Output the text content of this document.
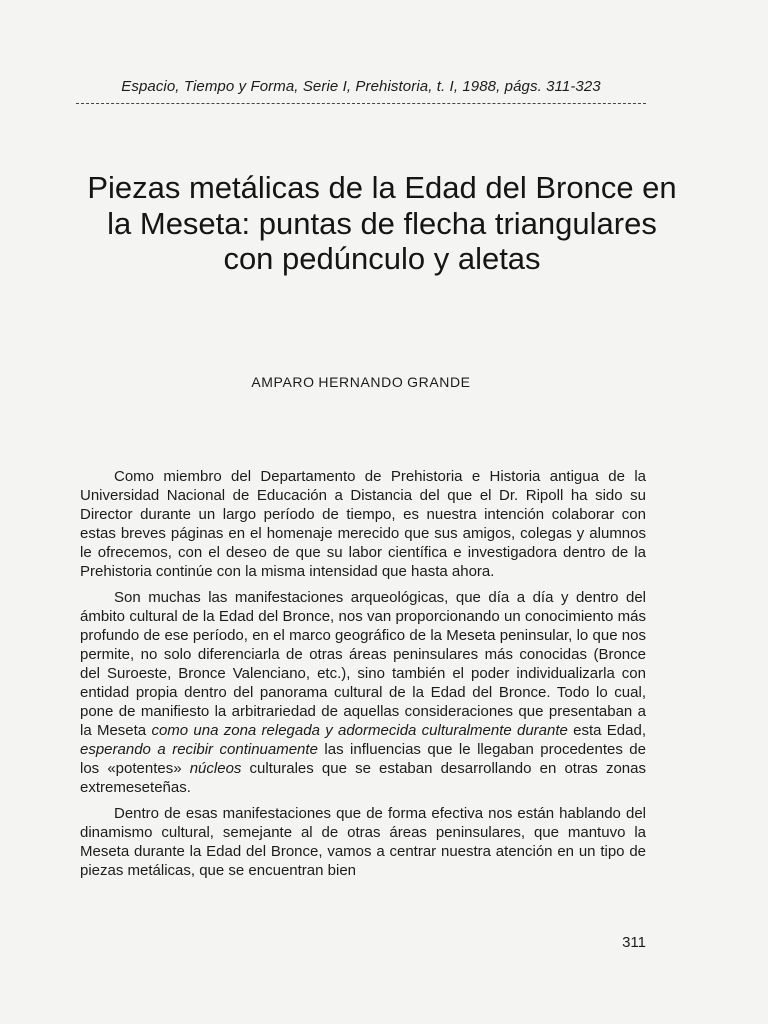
Espacio, Tiempo y Forma, Serie I, Prehistoria, t. I, 1988, págs. 311-323
Piezas metálicas de la Edad del Bronce en la Meseta: puntas de flecha triangulares con pedúnculo y aletas
AMPARO HERNANDO GRANDE

Como miembro del Departamento de Prehistoria e Historia antigua de la Universidad Nacional de Educación a Distancia del que el Dr. Ripoll ha sido su Director durante un largo período de tiempo, es nuestra intención colaborar con estas breves páginas en el homenaje merecido que sus amigos, colegas y alumnos le ofrecemos, con el deseo de que su labor científica e investigadora dentro de la Prehistoria continúe con la misma intensidad que hasta ahora.

Son muchas las manifestaciones arqueológicas, que día a día y dentro del ámbito cultural de la Edad del Bronce, nos van proporcionando un conocimiento más profundo de ese período, en el marco geográfico de la Meseta peninsular, lo que nos permite, no solo diferenciarla de otras áreas peninsulares más conocidas (Bronce del Suroeste, Bronce Valenciano, etc.), sino también el poder individualizarla con entidad propia dentro del panorama cultural de la Edad del Bronce. Todo lo cual, pone de manifiesto la arbitrariedad de aquellas consideraciones que presentaban a la Meseta como una zona relegada y adormecida culturalmente durante esta Edad, esperando a recibir continuamente las influencias que le llegaban procedentes de los «potentes» núcleos culturales que se estaban desarrollando en otras zonas extremeseteñas.

Dentro de esas manifestaciones que de forma efectiva nos están hablando del dinamismo cultural, semejante al de otras áreas peninsulares, que mantuvo la Meseta durante la Edad del Bronce, vamos a centrar nuestra atención en un tipo de piezas metálicas, que se encuentran bien

311
